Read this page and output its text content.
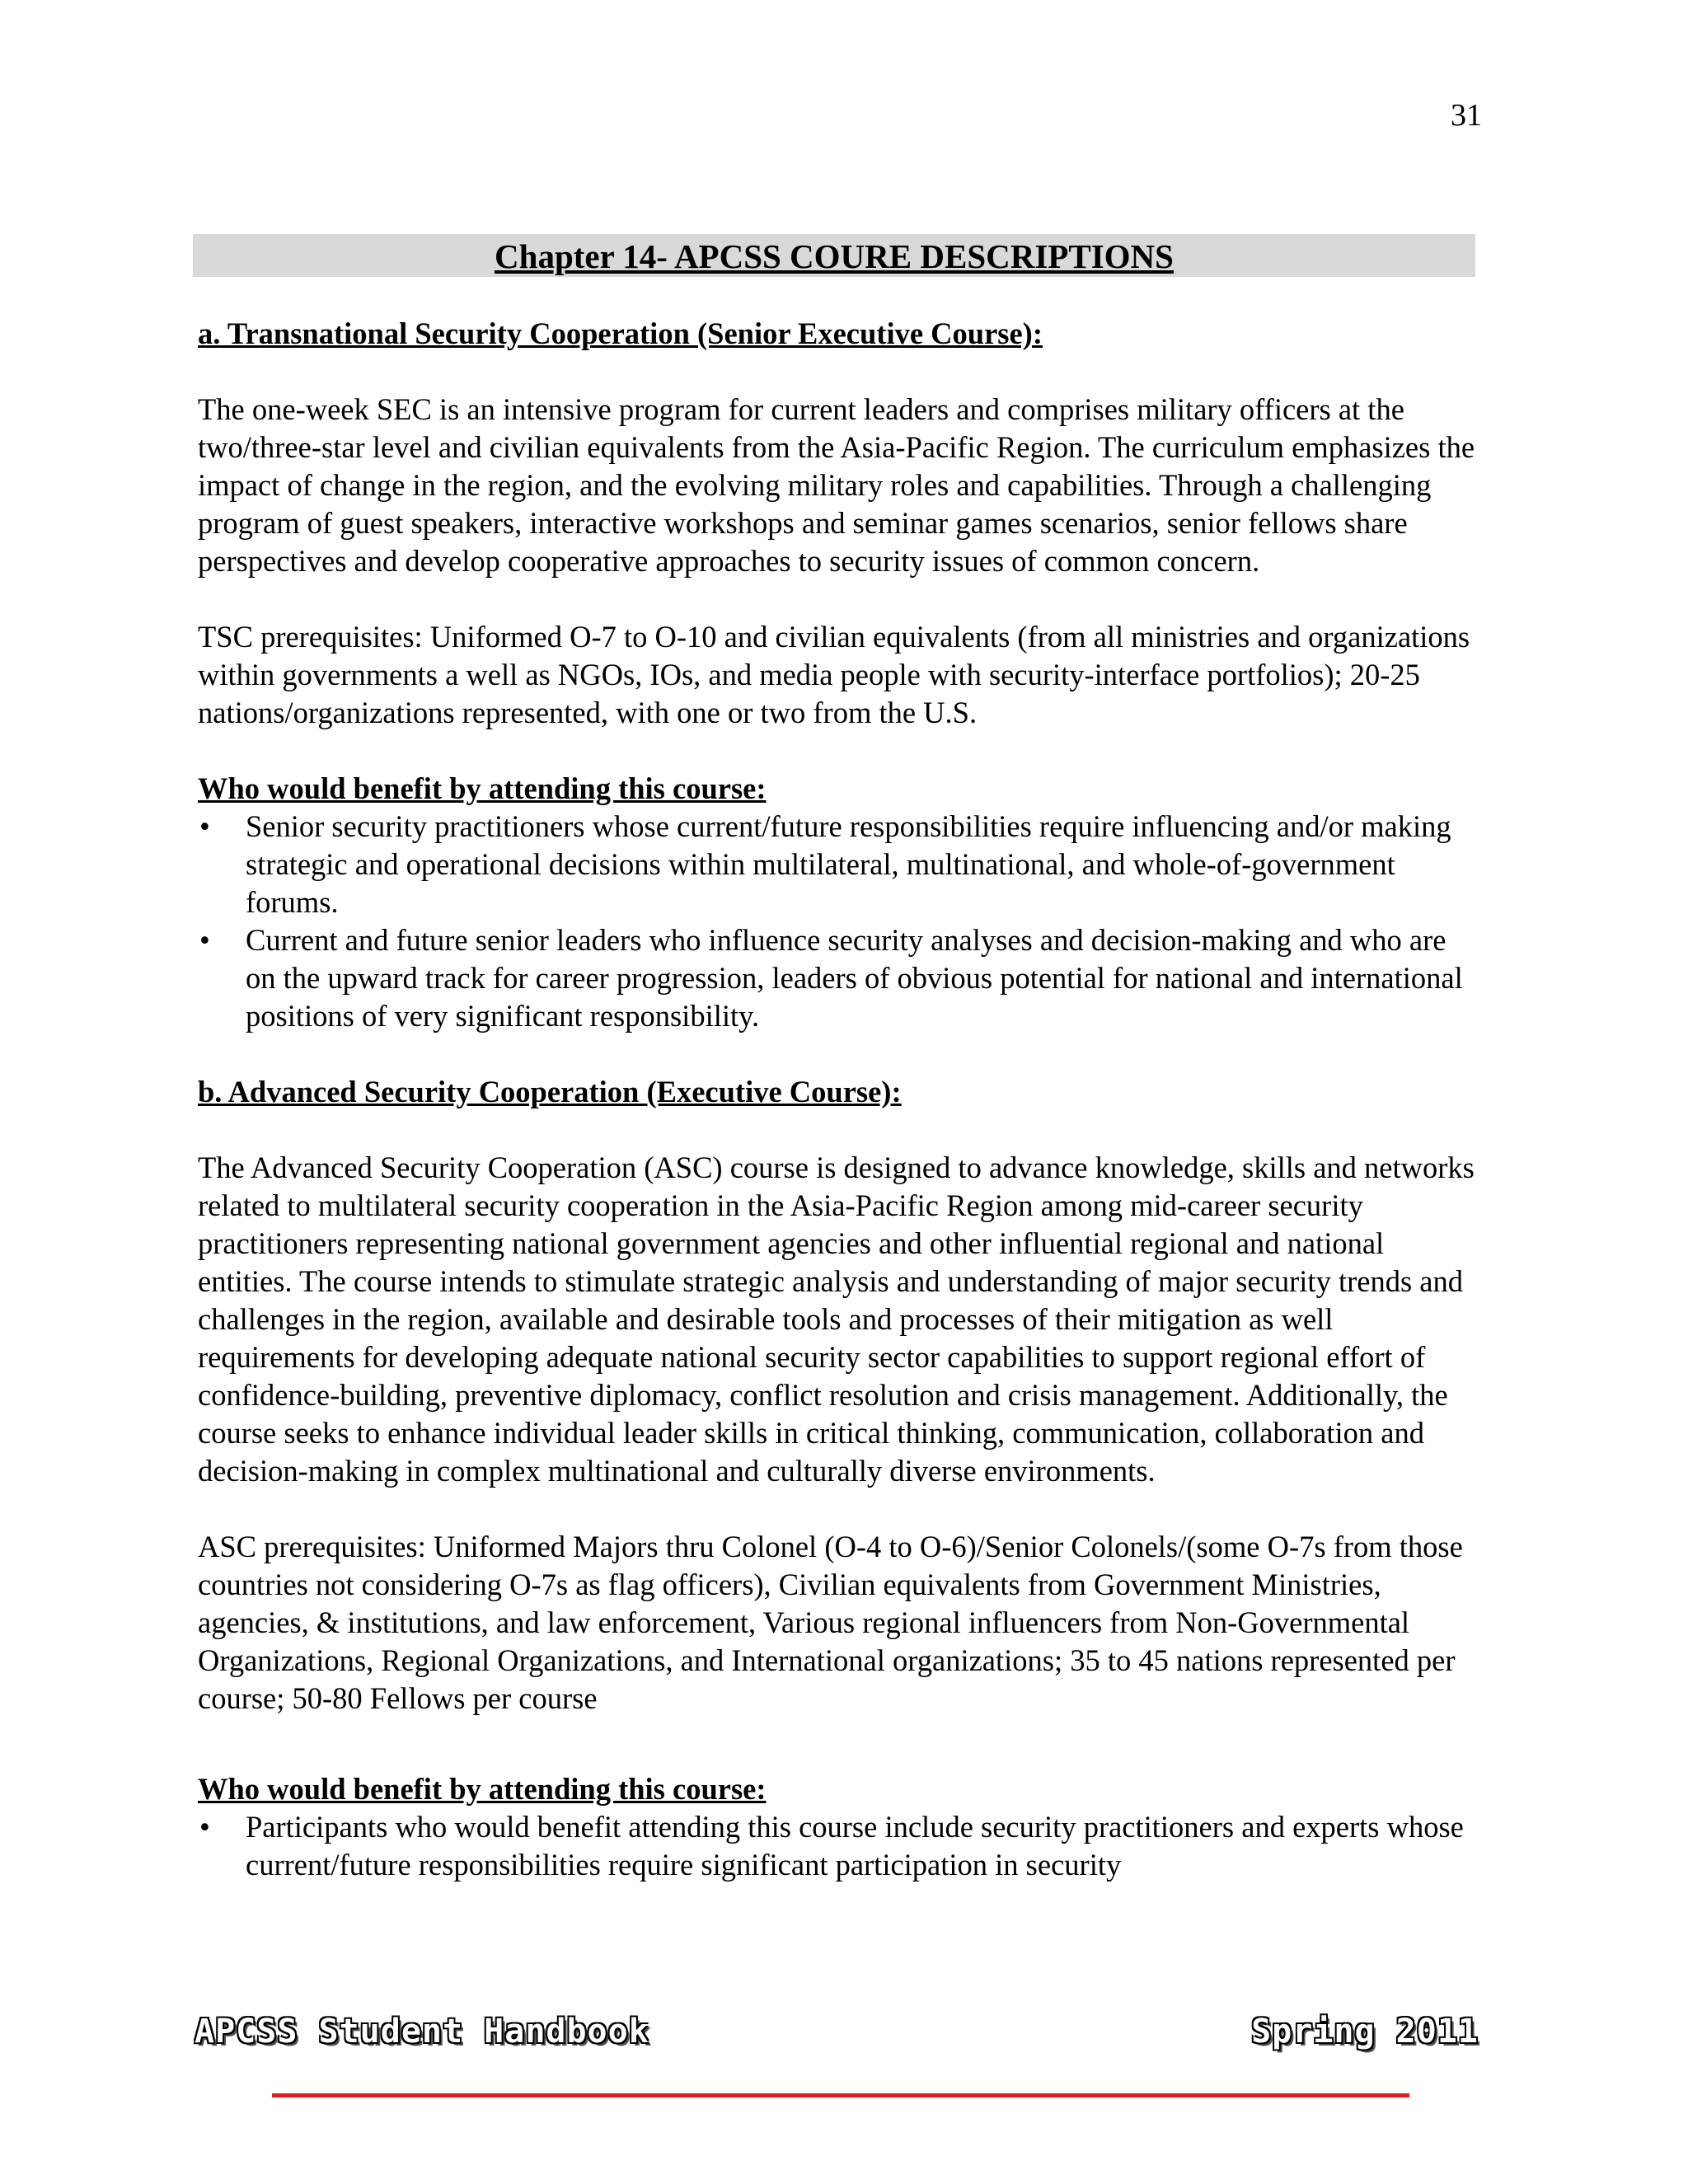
31
Chapter 14- APCSS COURE DESCRIPTIONS

a. Transnational Security Cooperation (Senior Executive Course):

The one-week SEC is an intensive program for current leaders and comprises military officers at the two/three-star level and civilian equivalents from the Asia-Pacific Region. The curriculum emphasizes the impact of change in the region, and the evolving military roles and capabilities. Through a challenging program of guest speakers, interactive workshops and seminar games scenarios, senior fellows share perspectives and develop cooperative approaches to security issues of common concern.

TSC prerequisites: Uniformed O-7 to O-10 and civilian equivalents (from all ministries and organizations within governments a well as NGOs, IOs, and media people with security-interface portfolios); 20-25 nations/organizations represented, with one or two from the U.S.

Who would benefit by attending this course:

• Senior security practitioners whose current/future responsibilities require influencing and/or making strategic and operational decisions within multilateral, multinational, and whole-of-government forums.
• Current and future senior leaders who influence security analyses and decision-making and who are on the upward track for career progression, leaders of obvious potential for national and international positions of very significant responsibility.

b. Advanced Security Cooperation (Executive Course):

The Advanced Security Cooperation (ASC) course is designed to advance knowledge, skills and networks related to multilateral security cooperation in the Asia-Pacific Region among mid-career security practitioners representing national government agencies and other influential regional and national entities. The course intends to stimulate strategic analysis and understanding of major security trends and challenges in the region, available and desirable tools and processes of their mitigation as well requirements for developing adequate national security sector capabilities to support regional effort of confidence-building, preventive diplomacy, conflict resolution and crisis management. Additionally, the course seeks to enhance individual leader skills in critical thinking, communication, collaboration and decision-making in complex multinational and culturally diverse environments.

ASC prerequisites: Uniformed Majors thru Colonel (O-4 to O-6)/Senior Colonels/(some O-7s from those countries not considering O-7s as flag officers), Civilian equivalents from Government Ministries, agencies, & institutions, and law enforcement, Various regional influencers from Non-Governmental Organizations, Regional Organizations, and International organizations; 35 to 45 nations represented per course; 50-80 Fellows per course

Who would benefit by attending this course:

• Participants who would benefit attending this course include security practitioners and experts whose current/future responsibilities require significant participation in security
APCSS Student Handbook	Spring 2011
